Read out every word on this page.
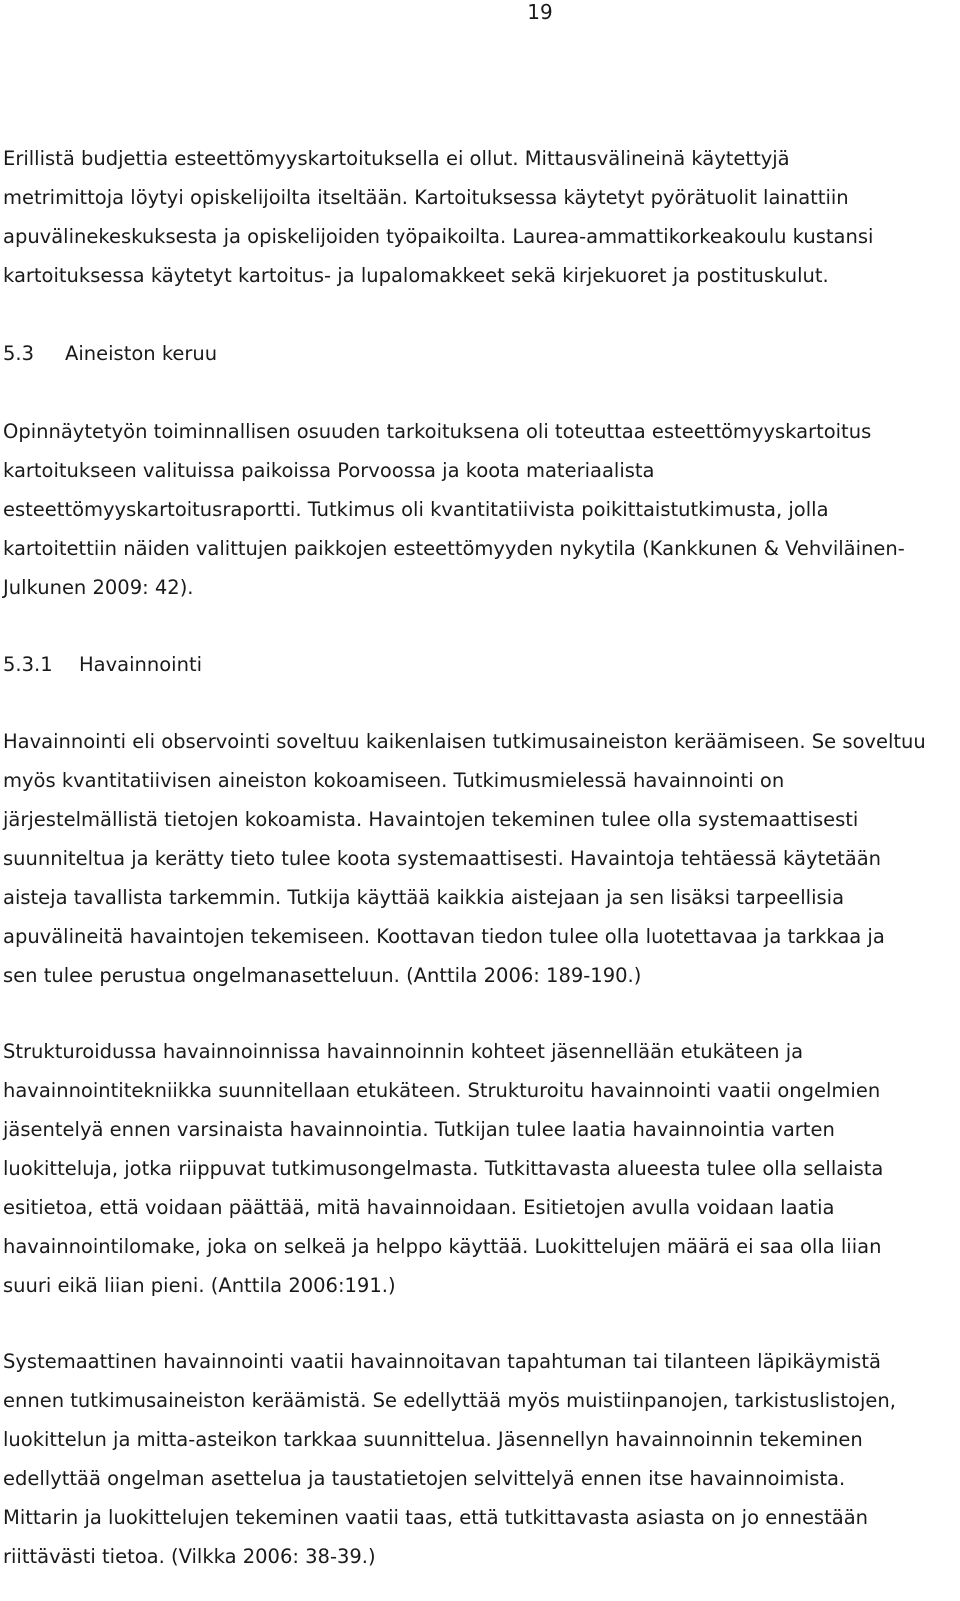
19
Erillistä budjettia esteettömyyskartoituksella ei ollut. Mittausvälineinä käytettyjä
metrimittoja löytyi opiskelijoilta itseltään. Kartoituksessa käytetyt pyörätuolit lainattiin
apuvälinekeskuksesta ja opiskelijoiden työpaikoilta. Laurea-ammattikorkeakoulu kustansi
kartoituksessa käytetyt kartoitus- ja lupalomakkeet sekä kirjekuoret ja postituskulut.
5.3 Aineiston keruu
Opinnäytetyön toiminnallisen osuuden tarkoituksena oli toteuttaa esteettömyyskartoitus
kartoitukseen valituissa paikoissa Porvoossa ja koota materiaalista
esteettömyyskartoitusraportti. Tutkimus oli kvantitatiivista poikittaistutkimusta, jolla
kartoitettiin näiden valittujen paikkojen esteettömyyden nykytila (Kankkunen & Vehviläinen-
Julkunen 2009: 42).
5.3.1 Havainnointi
Havainnointi eli observointi soveltuu kaikenlaisen tutkimusaineiston keräämiseen. Se soveltuu
myös kvantitatiivisen aineiston kokoamiseen. Tutkimusmielessä havainnointi on
järjestelmällistä tietojen kokoamista. Havaintojen tekeminen tulee olla systemaattisesti
suunniteltua ja kerätty tieto tulee koota systemaattisesti. Havaintoja tehtäessä käytetään
aisteja tavallista tarkemmin. Tutkija käyttää kaikkia aistejaan ja sen lisäksi tarpeellisia
apuvälineitä havaintojen tekemiseen. Koottavan tiedon tulee olla luotettavaa ja tarkkaa ja
sen tulee perustua ongelmanasetteluun. (Anttila 2006: 189-190.)
Strukturoidussa havainnoinnissa havainnoinnin kohteet jäsennellään etukäteen ja
havainnointitekniikka suunnitellaan etukäteen. Strukturoitu havainnointi vaatii ongelmien
jäsentelyä ennen varsinaista havainnointia. Tutkijan tulee laatia havainnointia varten
luokitteluja, jotka riippuvat tutkimusongelmasta. Tutkittavasta alueesta tulee olla sellaista
esitietoa, että voidaan päättää, mitä havainnoidaan. Esitietojen avulla voidaan laatia
havainnointilomake, joka on selkeä ja helppo käyttää. Luokittelujen määrä ei saa olla liian
suuri eikä liian pieni. (Anttila 2006:191.)
Systemaattinen havainnointi vaatii havainnoitavan tapahtuman tai tilanteen läpikäymistä
ennen tutkimusaineiston keräämistä. Se edellyttää myös muistiinpanojen, tarkistuslistojen,
luokittelun ja mitta-asteikon tarkkaa suunnittelua. Jäsennellyn havainnoinnin tekeminen
edellyttää ongelman asettelua ja taustatietojen selvittelyä ennen itse havainnoimista.
Mittarin ja luokittelujen tekeminen vaatii taas, että tutkittavasta asiasta on jo ennestään
riittävästi tietoa. (Vilkka 2006: 38-39.)
